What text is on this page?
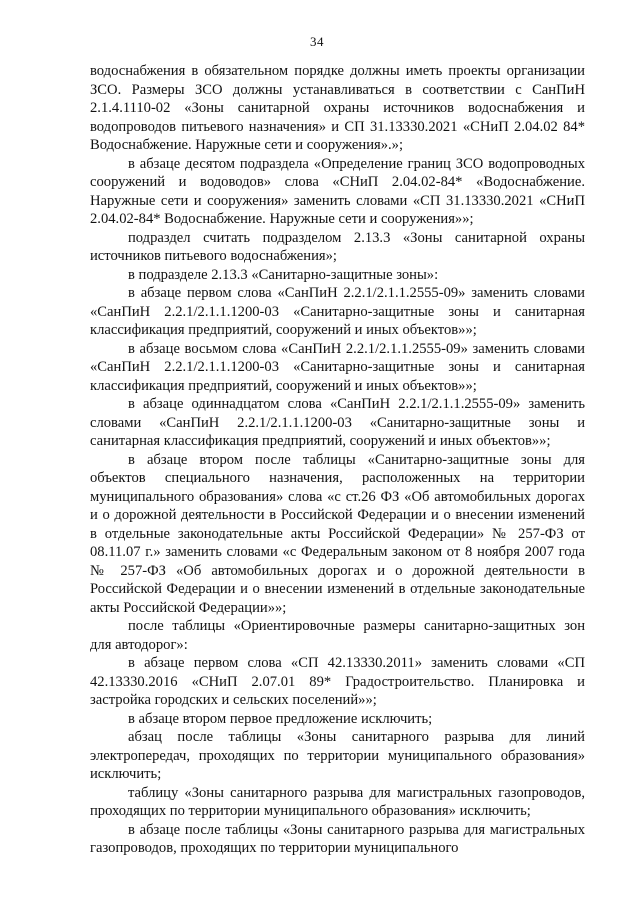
34

водоснабжения в обязательном порядке должны иметь проекты организации ЗСО. Размеры ЗСО должны устанавливаться в соответствии с СанПиН 2.1.4.1110-02 «Зоны санитарной охраны источников водоснабжения и водопроводов питьевого назначения» и СП 31.13330.2021 «СНиП 2.04.02 84* Водоснабжение. Наружные сети и сооружения».»;

в абзаце десятом подраздела «Определение границ ЗСО водопроводных сооружений и водоводов» слова «СНиП 2.04.02-84* «Водоснабжение. Наружные сети и сооружения» заменить словами «СП 31.13330.2021 «СНиП 2.04.02-84* Водоснабжение. Наружные сети и сооружения»»;

подраздел считать подразделом 2.13.3 «Зоны санитарной охраны источников питьевого водоснабжения»;

в подразделе 2.13.3 «Санитарно-защитные зоны»:

в абзаце первом слова «СанПиН 2.2.1/2.1.1.2555-09» заменить словами «СанПиН 2.2.1/2.1.1.1200-03 «Санитарно-защитные зоны и санитарная классификация предприятий, сооружений и иных объектов»»;

в абзаце восьмом слова «СанПиН 2.2.1/2.1.1.2555-09» заменить словами «СанПиН 2.2.1/2.1.1.1200-03 «Санитарно-защитные зоны и санитарная классификация предприятий, сооружений и иных объектов»»;

в абзаце одиннадцатом слова «СанПиН 2.2.1/2.1.1.2555-09» заменить словами «СанПиН 2.2.1/2.1.1.1200-03 «Санитарно-защитные зоны и санитарная классификация предприятий, сооружений и иных объектов»»;

в абзаце втором после таблицы «Санитарно-защитные зоны для объектов специального назначения, расположенных на территории муниципального образования» слова «с ст.26 ФЗ «Об автомобильных дорогах и о дорожной деятельности в Российской Федерации и о внесении изменений в отдельные законодательные акты Российской Федерации» № 257-ФЗ от 08.11.07 г.» заменить словами «с Федеральным законом от 8 ноября 2007 года № 257-ФЗ «Об автомобильных дорогах и о дорожной деятельности в Российской Федерации и о внесении изменений в отдельные законодательные акты Российской Федерации»»;

после таблицы «Ориентировочные размеры санитарно-защитных зон для автодорог»:

в абзаце первом слова «СП 42.13330.2011» заменить словами «СП 42.13330.2016 «СНиП 2.07.01 89* Градостроительство. Планировка и застройка городских и сельских поселений»»;

в абзаце втором первое предложение исключить;

абзац после таблицы «Зоны санитарного разрыва для линий электропередач, проходящих по территории муниципального образования» исключить;

таблицу «Зоны санитарного разрыва для магистральных газопроводов, проходящих по территории муниципального образования» исключить;

в абзаце после таблицы «Зоны санитарного разрыва для магистральных газопроводов, проходящих по территории муниципального
